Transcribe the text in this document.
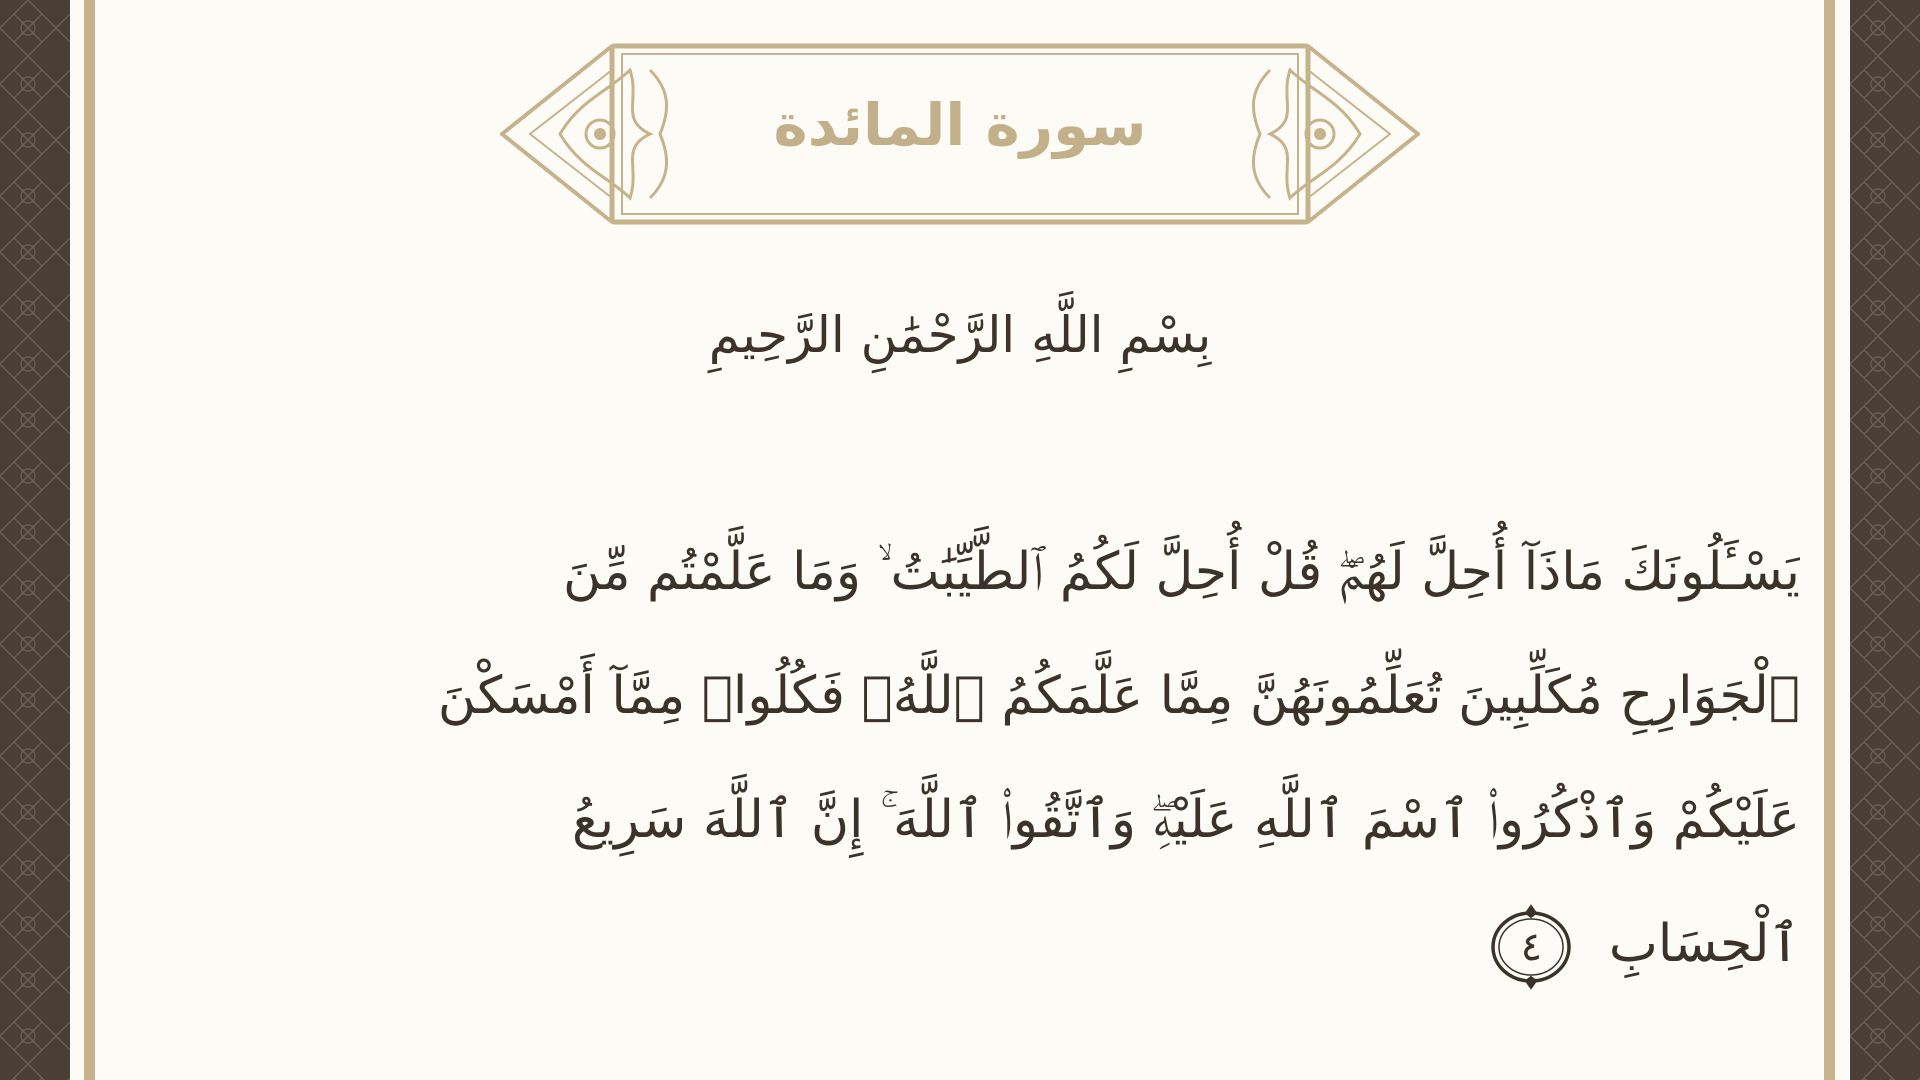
سورة المائدة
بِسْمِ اللَّهِ الرَّحْمَٰنِ الرَّحِيمِ
يَسْـَٔلُونَكَ مَاذَآ أُحِلَّ لَهُمْۖ قُلْ أُحِلَّ لَكُمُ ٱلطَّيِّبَٰتُ ۙ وَمَا عَلَّمْتُم مِّنَ
ٱلْجَوَارِحِ مُكَلِّبِينَ تُعَلِّمُونَهُنَّ مِمَّا عَلَّمَكُمُ ٱللَّهُۖ فَكُلُوا۟ مِمَّآ أَمْسَكْنَ
عَلَيْكُمْ وَٱذْكُرُوا۟ ٱسْمَ ٱللَّهِ عَلَيْهِۖ وَٱتَّقُوا۟ ٱللَّهَ ۚ إِنَّ ٱللَّهَ سَرِيعُ
ٱلْحِسَابِ
٤
